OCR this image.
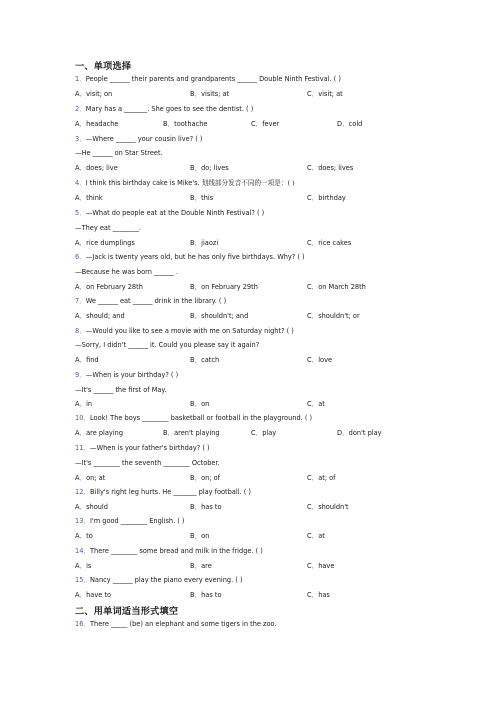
一、单项选择
1．People ______ their parents and grandparents ______ Double Ninth Festival. ( )
A．visit; on	B．visits; at	C．visit; at
2．Mary has a _______. She goes to see the dentist. ( )
A．headache	B．toothache	C．fever	D．cold
3．—Where ______ your cousin live? ( )
—He ______ on Star Street.
A．does; live	B．do; lives	C．does; lives
4．I think this birthday cake is Mike's. 划线部分发音不同的一项是：( )
A．think	B．this	C．birthday
5．—What do people eat at the Double Ninth Festival? ( )
—They eat ________.
A．rice dumplings	B．jiaozi	C．rice cakes
6．—Jack is twenty years old, but he has only five birthdays. Why? ( )
—Because he was born ______ .
A．on February 28th	B．on February 29th	C．on March 28th
7．We ______ eat ______ drink in the library. ( )
A．should; and	B．shouldn't; and	C．shouldn't; or
8．—Would you like to see a movie with me on Saturday night? ( )
—Sorry, I didn't ______ it. Could you please say it again?
A．find	B．catch	C．love
9．—When is your birthday? ( )
—It's ______ the first of May.
A．in	B．on	C．at
10．Look! The boys ________ basketball or football in the playground. ( )
A．are playing	B．aren't playing	C．play	D．don't play
11．—When is your father's birthday? ( )
—It's ________ the seventh ________ October.
A．on; at	B．on; of	C．at; of
12．Billy's right leg hurts. He _______ play football. ( )
A．should	B．has to	C．shouldn't
13．I'm good ________ English. ( )
A．to	B．on	C．at
14．There ________ some bread and milk in the fridge. ( )
A．is	B．are	C．have
15．Nancy ______ play the piano every evening. ( )
A．have to	B．has to	C．has
二、用单词适当形式填空
16．There _____ (be) an elephant and some tigers in the zoo.
